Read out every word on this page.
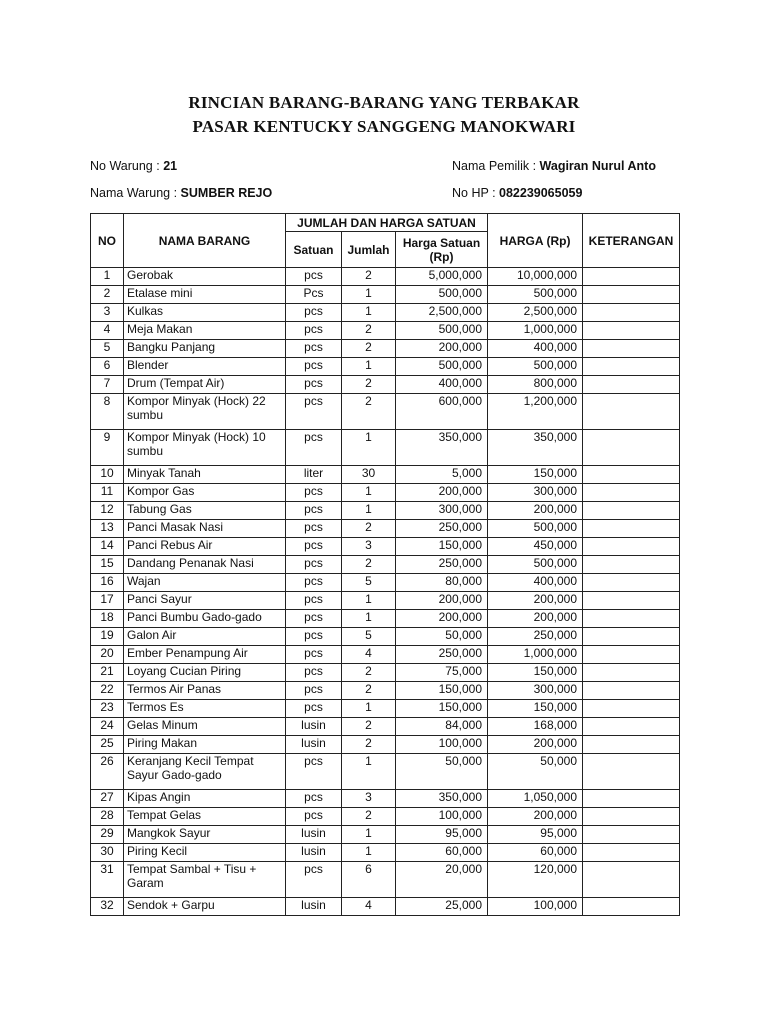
RINCIAN BARANG-BARANG YANG TERBAKAR
PASAR KENTUCKY SANGGENG MANOKWARI
No Warung : 21
Nama Warung : SUMBER REJO
Nama Pemilik : Wagiran Nurul Anto
No HP : 082239065059
NO	NAMA BARANG	JUMLAH DAN HARGA SATUAN			HARGA (Rp)	KETERANGAN
		Satuan	Jumlah	Harga Satuan (Rp)		
1	Gerobak	pcs	2	5,000,000	10,000,000	
2	Etalase mini	Pcs	1	500,000	500,000	
3	Kulkas	pcs	1	2,500,000	2,500,000	
4	Meja Makan	pcs	2	500,000	1,000,000	
5	Bangku Panjang	pcs	2	200,000	400,000	
6	Blender	pcs	1	500,000	500,000	
7	Drum (Tempat Air)	pcs	2	400,000	800,000	
8	Kompor Minyak (Hock) 22 sumbu	pcs	2	600,000	1,200,000	
9	Kompor Minyak (Hock) 10 sumbu	pcs	1	350,000	350,000	
10	Minyak Tanah	liter	30	5,000	150,000	
11	Kompor Gas	pcs	1	200,000	300,000	
12	Tabung Gas	pcs	1	300,000	200,000	
13	Panci Masak Nasi	pcs	2	250,000	500,000	
14	Panci Rebus Air	pcs	3	150,000	450,000	
15	Dandang Penanak Nasi	pcs	2	250,000	500,000	
16	Wajan	pcs	5	80,000	400,000	
17	Panci Sayur	pcs	1	200,000	200,000	
18	Panci Bumbu Gado-gado	pcs	1	200,000	200,000	
19	Galon Air	pcs	5	50,000	250,000	
20	Ember Penampung Air	pcs	4	250,000	1,000,000	
21	Loyang Cucian Piring	pcs	2	75,000	150,000	
22	Termos Air Panas	pcs	2	150,000	300,000	
23	Termos Es	pcs	1	150,000	150,000	
24	Gelas Minum	lusin	2	84,000	168,000	
25	Piring Makan	lusin	2	100,000	200,000	
26	Keranjang Kecil Tempat Sayur Gado-gado	pcs	1	50,000	50,000	
27	Kipas Angin	pcs	3	350,000	1,050,000	
28	Tempat Gelas	pcs	2	100,000	200,000	
29	Mangkok Sayur	lusin	1	95,000	95,000	
30	Piring Kecil	lusin	1	60,000	60,000	
31	Tempat Sambal + Tisu + Garam	pcs	6	20,000	120,000	
32	Sendok + Garpu	lusin	4	25,000	100,000	
